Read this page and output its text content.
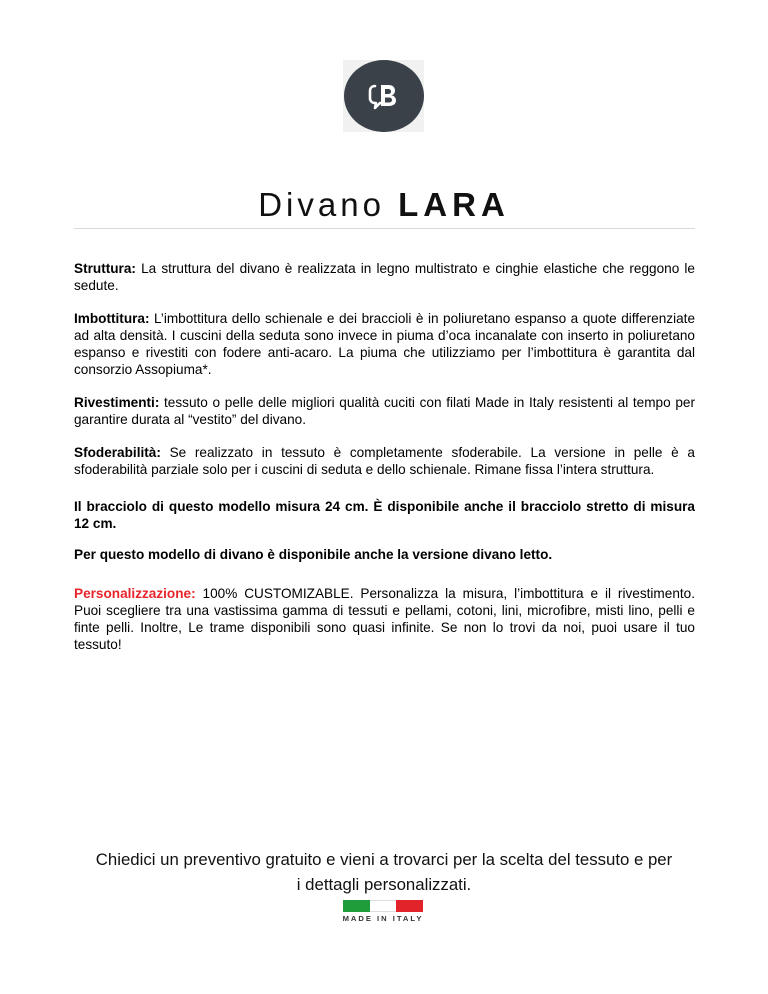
Divano LARA

Struttura: La struttura del divano è realizzata in legno multistrato e cinghie elastiche che reggono le sedute.

Imbottitura: L’imbottitura dello schienale e dei braccioli è in poliuretano espanso a quote differenziate ad alta densità. I cuscini della seduta sono invece in piuma d’oca incanalate con inserto in poliuretano espanso e rivestiti con fodere anti-acaro. La piuma che utilizziamo per l’imbottitura è garantita dal consorzio Assopiuma*.

Rivestimenti: tessuto o pelle delle migliori qualità cuciti con filati Made in Italy resistenti al tempo per garantire durata al “vestito” del divano.

Sfoderabilità: Se realizzato in tessuto è completamente sfoderabile. La versione in pelle è a sfoderabilità parziale solo per i cuscini di seduta e dello schienale. Rimane fissa l’intera struttura.

Il bracciolo di questo modello misura 24 cm. È disponibile anche il bracciolo stretto di misura 12 cm.

Per questo modello di divano è disponibile anche la versione divano letto.

Personalizzazione: 100% CUSTOMIZABLE. Personalizza la misura, l’imbottitura e il rivestimento. Puoi scegliere tra una vastissima gamma di tessuti e pellami, cotoni, lini, microfibre, misti lino, pelli e finte pelli. Inoltre, Le trame disponibili sono quasi infinite. Se non lo trovi da noi, puoi usare il tuo tessuto!

Chiedici un preventivo gratuito e vieni a trovarci per la scelta del tessuto e per
i dettagli personalizzati.
MADE IN ITALY
